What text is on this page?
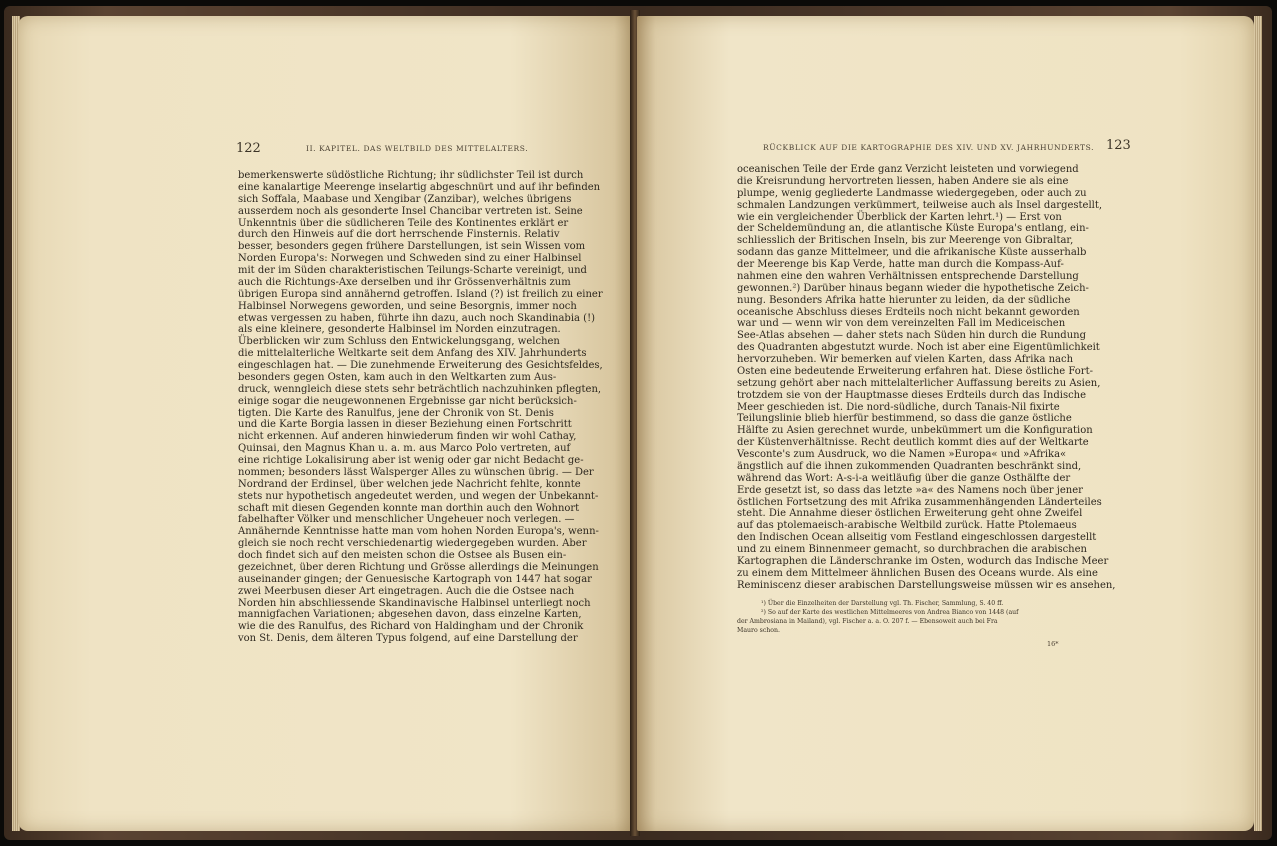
122	II. KAPITEL. DAS WELTBILD DES MITTELALTERS.
bemerkenswerte südöstliche Richtung; ihr südlichster Teil ist durch
eine kanalartige Meerenge inselartig abgeschnürt und auf ihr befinden
sich Soffala, Maabase und Xengibar (Zanzibar), welches übrigens
ausserdem noch als gesonderte Insel Chancibar vertreten ist. Seine
Unkenntnis über die südlicheren Teile des Kontinentes erklärt er
durch den Hinweis auf die dort herrschende Finsternis. Relativ
besser, besonders gegen frühere Darstellungen, ist sein Wissen vom
Norden Europa's: Norwegen und Schweden sind zu einer Halbinsel
mit der im Süden charakteristischen Teilungs-Scharte vereinigt, und
auch die Richtungs-Axe derselben und ihr Grössenverhältnis zum
übrigen Europa sind annähernd getroffen. Island (?) ist freilich zu einer
Halbinsel Norwegens geworden, und seine Besorgnis, immer noch
etwas vergessen zu haben, führte ihn dazu, auch noch Skandinabia (!)
als eine kleinere, gesonderte Halbinsel im Norden einzutragen.
Überblicken wir zum Schluss den Entwickelungsgang, welchen
die mittelalterliche Weltkarte seit dem Anfang des XIV. Jahrhunderts
eingeschlagen hat. — Die zunehmende Erweiterung des Gesichtsfeldes,
besonders gegen Osten, kam auch in den Weltkarten zum Aus-
druck, wenngleich diese stets sehr beträchtlich nachzuhinken pflegten,
einige sogar die neugewonnenen Ergebnisse gar nicht berücksich-
tigten. Die Karte des Ranulfus, jene der Chronik von St. Denis
und die Karte Borgia lassen in dieser Beziehung einen Fortschritt
nicht erkennen. Auf anderen hinwiederum finden wir wohl Cathay,
Quinsai, den Magnus Khan u. a. m. aus Marco Polo vertreten, auf
eine richtige Lokalisirung aber ist wenig oder gar nicht Bedacht ge-
nommen; besonders lässt Walsperger Alles zu wünschen übrig. — Der
Nordrand der Erdinsel, über welchen jede Nachricht fehlte, konnte
stets nur hypothetisch angedeutet werden, und wegen der Unbekannt-
schaft mit diesen Gegenden konnte man dorthin auch den Wohnort
fabelhafter Völker und menschlicher Ungeheuer noch verlegen. —
Annähernde Kenntnisse hatte man vom hohen Norden Europa's, wenn-
gleich sie noch recht verschiedenartig wiedergegeben wurden. Aber
doch findet sich auf den meisten schon die Ostsee als Busen ein-
gezeichnet, über deren Richtung und Grösse allerdings die Meinungen
auseinander gingen; der Genuesische Kartograph von 1447 hat sogar
zwei Meerbusen dieser Art eingetragen. Auch die die Ostsee nach
Norden hin abschliessende Skandinavische Halbinsel unterliegt noch
mannigfachen Variationen; abgesehen davon, dass einzelne Karten,
wie die des Ranulfus, des Richard von Haldingham und der Chronik
von St. Denis, dem älteren Typus folgend, auf eine Darstellung der
RÜCKBLICK AUF DIE KARTOGRAPHIE DES XIV. UND XV. JAHRHUNDERTS. 123
oceanischen Teile der Erde ganz Verzicht leisteten und vorwiegend
die Kreisrundung hervortreten liessen, haben Andere sie als eine
plumpe, wenig gegliederte Landmasse wiedergegeben, oder auch zu
schmalen Landzungen verkümmert, teilweise auch als Insel dargestellt,
wie ein vergleichender Überblick der Karten lehrt.¹) — Erst von
der Scheldemündung an, die atlantische Küste Europa's entlang, ein-
schliesslich der Britischen Inseln, bis zur Meerenge von Gibraltar,
sodann das ganze Mittelmeer, und die afrikanische Küste ausserhalb
der Meerenge bis Kap Verde, hatte man durch die Kompass-Auf-
nahmen eine den wahren Verhältnissen entsprechende Darstellung
gewonnen.²) Darüber hinaus begann wieder die hypothetische Zeich-
nung. Besonders Afrika hatte hierunter zu leiden, da der südliche
oceanische Abschluss dieses Erdteils noch nicht bekannt geworden
war und — wenn wir von dem vereinzelten Fall im Mediceischen
See-Atlas absehen — daher stets nach Süden hin durch die Rundung
des Quadranten abgestutzt wurde. Noch ist aber eine Eigentümlichkeit
hervorzuheben. Wir bemerken auf vielen Karten, dass Afrika nach
Osten eine bedeutende Erweiterung erfahren hat. Diese östliche Fort-
setzung gehört aber nach mittelalterlicher Auffassung bereits zu Asien,
trotzdem sie von der Hauptmasse dieses Erdteils durch das Indische
Meer geschieden ist. Die nord-südliche, durch Tanais-Nil fixirte
Teilungslinie blieb hierfür bestimmend, so dass die ganze östliche
Hälfte zu Asien gerechnet wurde, unbekümmert um die Konfiguration
der Küstenverhältnisse. Recht deutlich kommt dies auf der Weltkarte
Vesconte's zum Ausdruck, wo die Namen »Europa« und »Afrika«
ängstlich auf die ihnen zukommenden Quadranten beschränkt sind,
während das Wort: A-s-i-a weitläufig über die ganze Osthälfte der
Erde gesetzt ist, so dass das letzte »a« des Namens noch über jener
östlichen Fortsetzung des mit Afrika zusammenhängenden Länderteiles
steht. Die Annahme dieser östlichen Erweiterung geht ohne Zweifel
auf das ptolemaeisch-arabische Weltbild zurück. Hatte Ptolemaeus
den Indischen Ocean allseitig vom Festland eingeschlossen dargestellt
und zu einem Binnenmeer gemacht, so durchbrachen die arabischen
Kartographen die Länderschranke im Osten, wodurch das Indische Meer
zu einem dem Mittelmeer ähnlichen Busen des Oceans wurde. Als eine
Reminiscenz dieser arabischen Darstellungsweise müssen wir es ansehen,
¹) Über die Einzelheiten der Darstellung vgl. Th. Fischer, Sammlung, S. 40 ff.
²) So auf der Karte des westlichen Mittelmeeres von Andrea Bianco von 1448 (auf
der Ambrosiana in Mailand), vgl. Fischer a. a. O. 207 f. — Ebensoweit auch bei Fra
Mauro schon.
16*
